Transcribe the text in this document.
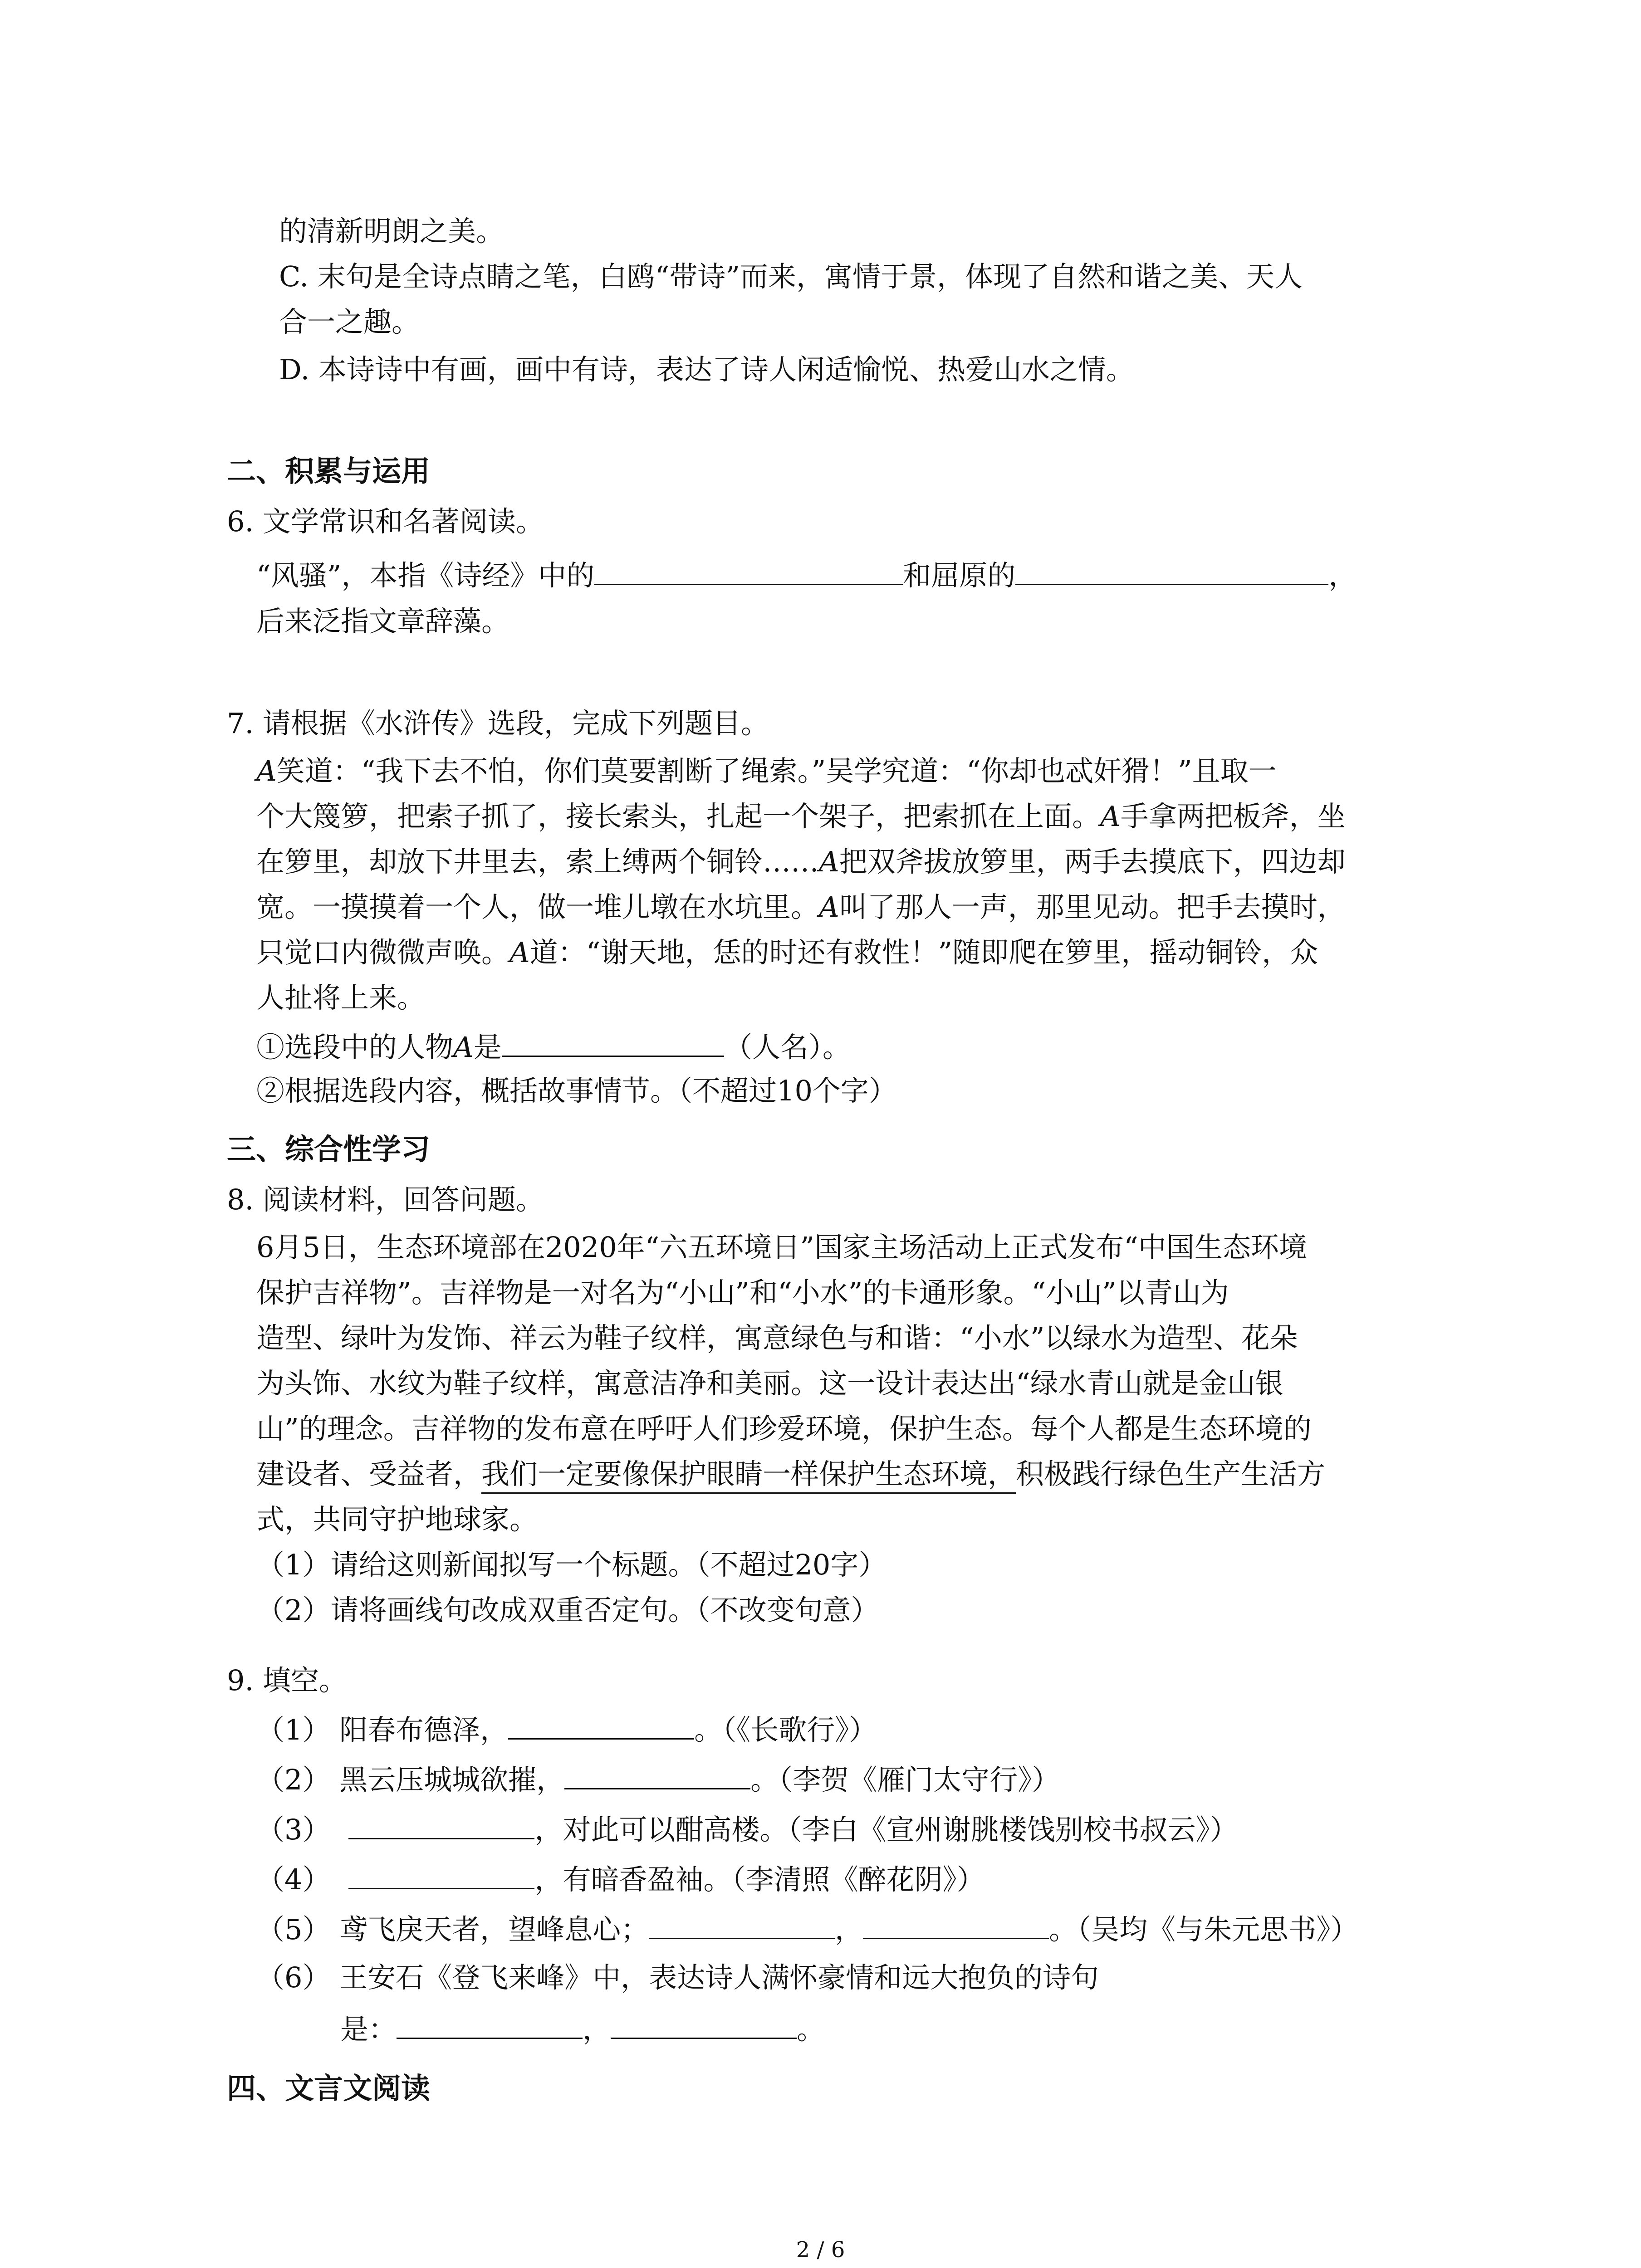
的清新明朗之美。
C. 末句是全诗点睛之笔，白鸥“带诗”而来，寓情于景，体现了自然和谐之美、天人
合一之趣。
D. 本诗诗中有画，画中有诗，表达了诗人闲适愉悦、热爱山水之情。
二、积累与运用
6. 文学常识和名著阅读。
“风骚”，本指《诗经》中的	和屈原的	，
后来泛指文章辞藻。
7. 请根据《水浒传》选段，完成下列题目。
A笑道：“我下去不怕，你们莫要割断了绳索。”吴学究道：“你却也忒奸猾！”且取一
个大篾箩，把索子抓了，接长索头，扎起一个架子，把索抓在上面。A手拿两把板斧，坐
在箩里，却放下井里去，索上缚两个铜铃……A把双斧拔放箩里，两手去摸底下，四边却
宽。一摸摸着一个人，做一堆儿墩在水坑里。A叫了那人一声，那里见动。把手去摸时，
只觉口内微微声唤。A道：“谢天地，恁的时还有救性！”随即爬在箩里，摇动铜铃，众
人扯将上来。
①选段中的人物A是	（人名）。
②根据选段内容，概括故事情节。（不超过10个字）
三、综合性学习
8. 阅读材料，回答问题。
6月5日，生态环境部在2020年“六五环境日”国家主场活动上正式发布“中国生态环境
保护吉祥物”。吉祥物是一对名为“小山”和“小水”的卡通形象。“小山”以青山为
造型、绿叶为发饰、祥云为鞋子纹样，寓意绿色与和谐：“小水”以绿水为造型、花朵
为头饰、水纹为鞋子纹样，寓意洁净和美丽。这一设计表达出“绿水青山就是金山银
山”的理念。吉祥物的发布意在呼吁人们珍爱环境，保护生态。每个人都是生态环境的
建设者、受益者，我们一定要像保护眼睛一样保护生态环境，积极践行绿色生产生活方
式，共同守护地球家。
（1）请给这则新闻拟写一个标题。（不超过20字）
（2）请将画线句改成双重否定句。（不改变句意）
9. 填空。
（1） 阳春布德泽，	。（《长歌行》）
（2） 黑云压城城欲摧，	。（李贺《雁门太守行》）
（3）	，对此可以酣高楼。（李白《宣州谢朓楼饯别校书叔云》）
（4）	，有暗香盈袖。（李清照《醉花阴》）
（5） 鸢飞戾天者，望峰息心；	，	。（吴均《与朱元思书》）
（6） 王安石《登飞来峰》中，表达诗人满怀豪情和远大抱负的诗句
是：	，	。
四、文言文阅读
2 / 6
